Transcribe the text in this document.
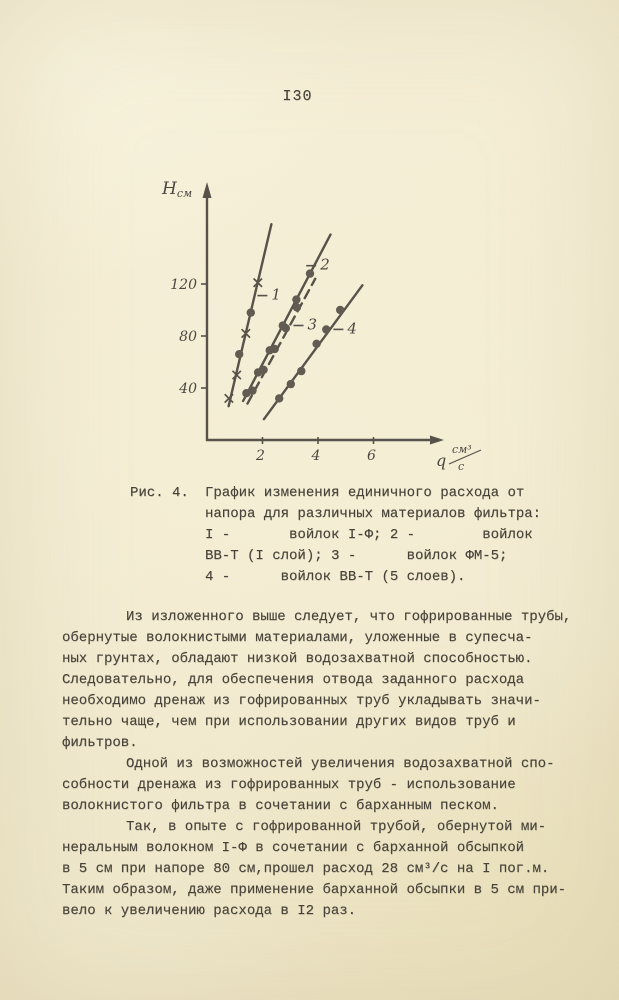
I30
40
80
120
2	4	6
Нсм
q
см³
с
1
2
3 4
Рис. 4.	График изменения единичного расхода от
напора для различных материалов фильтра:
I -       войлок I-Ф; 2 -        войлок
ВВ-Т (I слой); 3 -      войлок ФМ-5;
4 -      войлок ВВ-Т (5 слоев).
Из изложенного выше следует, что гофрированные трубы,
обернутые волокнистыми материалами, уложенные в супесча-
ных грунтах, обладают низкой водозахватной способностью.
Следовательно, для обеспечения отвода заданного расхода
необходимо дренаж из гофрированных труб укладывать значи-
тельно чаще, чем при использовании других видов труб и
фильтров.
Одной из возможностей увеличения водозахватной спо-
собности дренажа из гофрированных труб - использование
волокнистого фильтра в сочетании с барханным песком.
Так, в опыте с гофрированной трубой, обернутой ми-
неральным волокном I-Ф в сочетании с барханной обсыпкой
в 5 см при напоре 80 см,прошел расход 28 см³/с на I пог.м.
Таким образом, даже применение барханной обсыпки в 5 см при-
вело к увеличению расхода в I2 раз.
